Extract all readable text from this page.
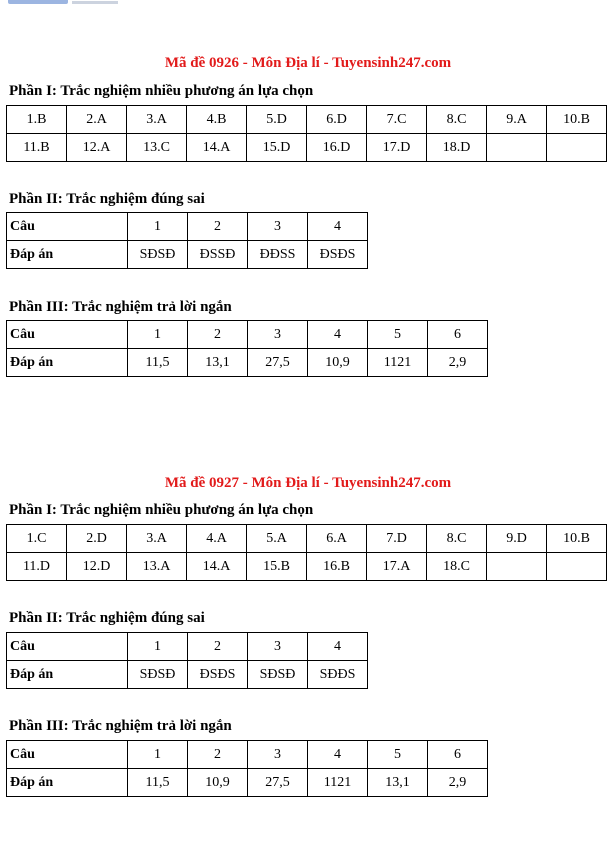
Mã đề 0926 - Môn Địa lí - Tuyensinh247.com
Phần I: Trắc nghiệm nhiều phương án lựa chọn
1.B	2.A	3.A	4.B	5.D	6.D	7.C	8.C	9.A	10.B
11.B	12.A	13.C	14.A	15.D	16.D	17.D	18.D		
Phần II: Trắc nghiệm đúng sai
Câu	1	2	3	4
Đáp án	SĐSĐ	ĐSSĐ	ĐĐSS	ĐSĐS
Phần III: Trắc nghiệm trả lời ngắn
Câu	1	2	3	4	5	6
Đáp án	11,5	13,1	27,5	10,9	1121	2,9
Mã đề 0927 - Môn Địa lí - Tuyensinh247.com
Phần I: Trắc nghiệm nhiều phương án lựa chọn
1.C	2.D	3.A	4.A	5.A	6.A	7.D	8.C	9.D	10.B
11.D	12.D	13.A	14.A	15.B	16.B	17.A	18.C		
Phần II: Trắc nghiệm đúng sai
Câu	1	2	3	4
Đáp án	SĐSĐ	ĐSĐS	SĐSĐ	SĐĐS
Phần III: Trắc nghiệm trả lời ngắn
Câu	1	2	3	4	5	6
Đáp án	11,5	10,9	27,5	1121	13,1	2,9
